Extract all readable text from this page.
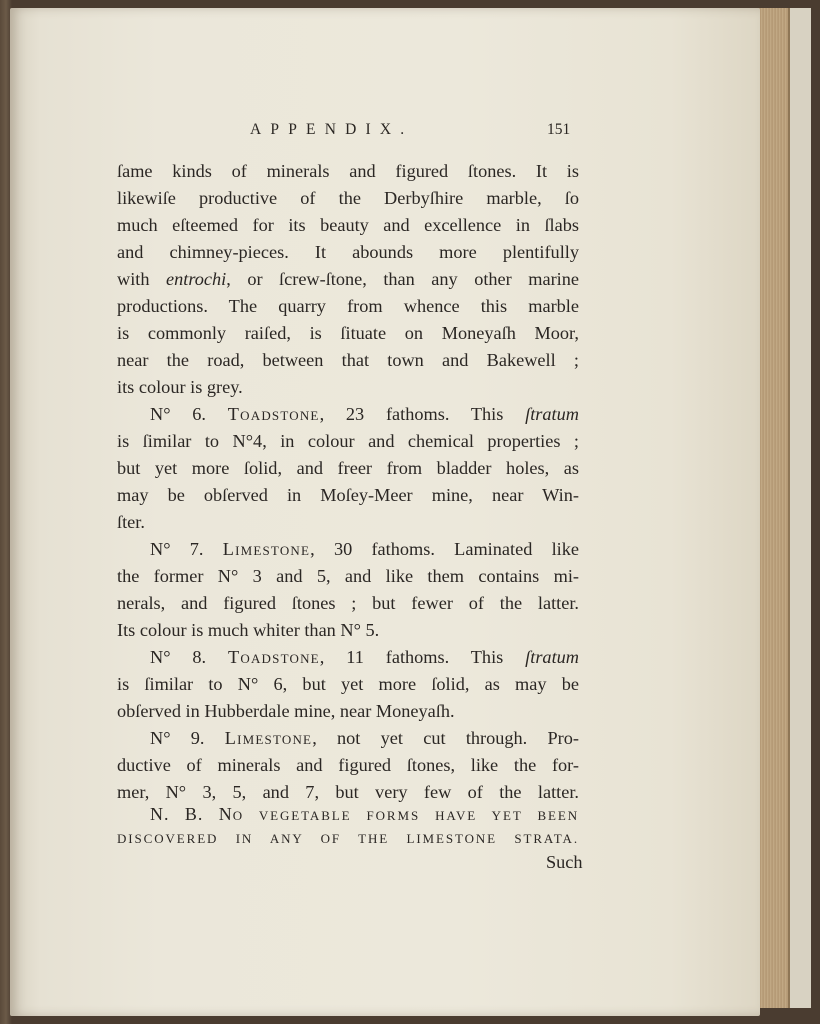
APPENDIX.	151
ſame kinds of minerals and figured ſtones. It is
likewiſe productive of the Derbyſhire marble, ſo
much eſteemed for its beauty and excellence in ſlabs
and chimney-pieces. It abounds more plentifully
with entrochi, or ſcrew-ſtone, than any other marine
productions. The quarry from whence this marble
is commonly raiſed, is ſituate on Moneyaſh Moor,
near the road, between that town and Bakewell ;
its colour is grey.
N° 6. TOADSTONE, 23 fathoms. This ſtratum
is ſimilar to N°4, in colour and chemical properties ;
but yet more ſolid, and freer from bladder holes, as
may be obſerved in Moſey-Meer mine, near Win-
ſter.
N° 7. LIMESTONE, 30 fathoms. Laminated like
the former N° 3 and 5, and like them contains mi-
nerals, and figured ſtones ; but fewer of the latter.
Its colour is much whiter than N° 5.
N° 8. TOADSTONE, 11 fathoms. This ſtratum
is ſimilar to N° 6, but yet more ſolid, as may be
obſerved in Hubberdale mine, near Moneyaſh.
N° 9. LIMESTONE, not yet cut through. Pro-
ductive of minerals and figured ſtones, like the for-
mer, N° 3, 5, and 7, but very few of the latter.
N. B. NO VEGETABLE FORMS HAVE YET BEEN
DISCOVERED IN ANY OF THE LIMESTONE STRATA.
Such
